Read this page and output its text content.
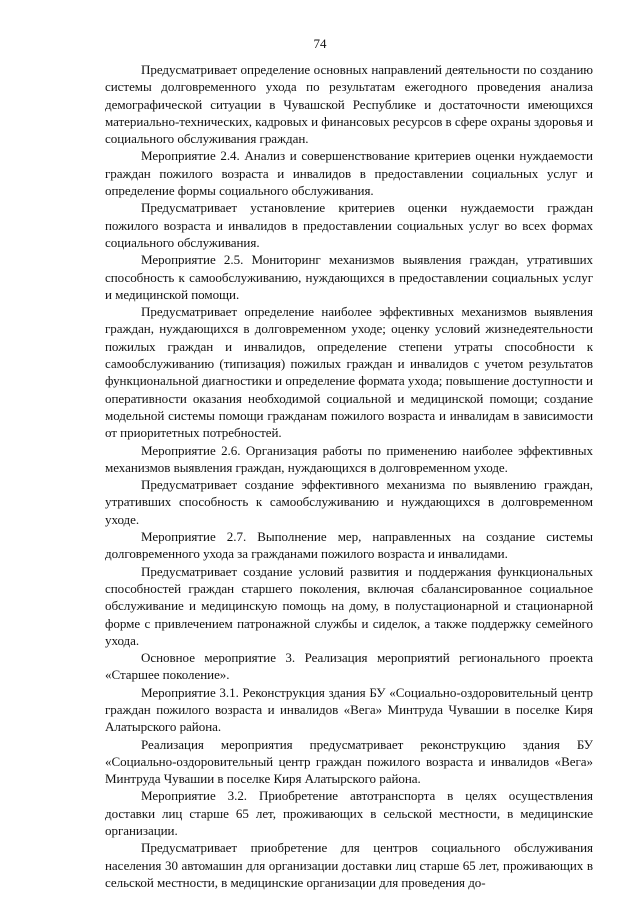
74

Предусматривает определение основных направлений деятельности по созданию системы долговременного ухода по результатам ежегодного проведения анализа демографической ситуации в Чувашской Республике и достаточности имеющихся материально-технических, кадровых и финансовых ресурсов в сфере охраны здоровья и социального обслуживания граждан.

Мероприятие 2.4. Анализ и совершенствование критериев оценки нуждаемости граждан пожилого возраста и инвалидов в предоставлении социальных услуг и определение формы социального обслуживания.

Предусматривает установление критериев оценки нуждаемости граждан пожилого возраста и инвалидов в предоставлении социальных услуг во всех формах социального обслуживания.

Мероприятие 2.5. Мониторинг механизмов выявления граждан, утративших способность к самообслуживанию, нуждающихся в предоставлении социальных услуг и медицинской помощи.

Предусматривает определение наиболее эффективных механизмов выявления граждан, нуждающихся в долговременном уходе; оценку условий жизнедеятельности пожилых граждан и инвалидов, определение степени утраты способности к самообслуживанию (типизация) пожилых граждан и инвалидов с учетом результатов функциональной диагностики и определение формата ухода; повышение доступности и оперативности оказания необходимой социальной и медицинской помощи; создание модельной системы помощи гражданам пожилого возраста и инвалидам в зависимости от приоритетных потребностей.

Мероприятие 2.6. Организация работы по применению наиболее эффективных механизмов выявления граждан, нуждающихся в долговременном уходе.

Предусматривает создание эффективного механизма по выявлению граждан, утративших способность к самообслуживанию и нуждающихся в долговременном уходе.

Мероприятие 2.7. Выполнение мер, направленных на создание системы долговременного ухода за гражданами пожилого возраста и инвалидами.

Предусматривает создание условий развития и поддержания функциональных способностей граждан старшего поколения, включая сбалансированное социальное обслуживание и медицинскую помощь на дому, в полустационарной и стационарной форме с привлечением патронажной службы и сиделок, а также поддержку семейного ухода.

Основное мероприятие 3. Реализация мероприятий регионального проекта «Старшее поколение».

Мероприятие 3.1. Реконструкция здания БУ «Социально-оздоровительный центр граждан пожилого возраста и инвалидов «Вега» Минтруда Чувашии в поселке Киря Алатырского района.

Реализация мероприятия предусматривает реконструкцию здания БУ «Социально-оздоровительный центр граждан пожилого возраста и инвалидов «Вега» Минтруда Чувашии в поселке Киря Алатырского района.

Мероприятие 3.2. Приобретение автотранспорта в целях осуществления доставки лиц старше 65 лет, проживающих в сельской местности, в медицинские организации.

Предусматривает приобретение для центров социального обслуживания населения 30 автомашин для организации доставки лиц старше 65 лет, проживающих в сельской местности, в медицинские организации для проведения до-
